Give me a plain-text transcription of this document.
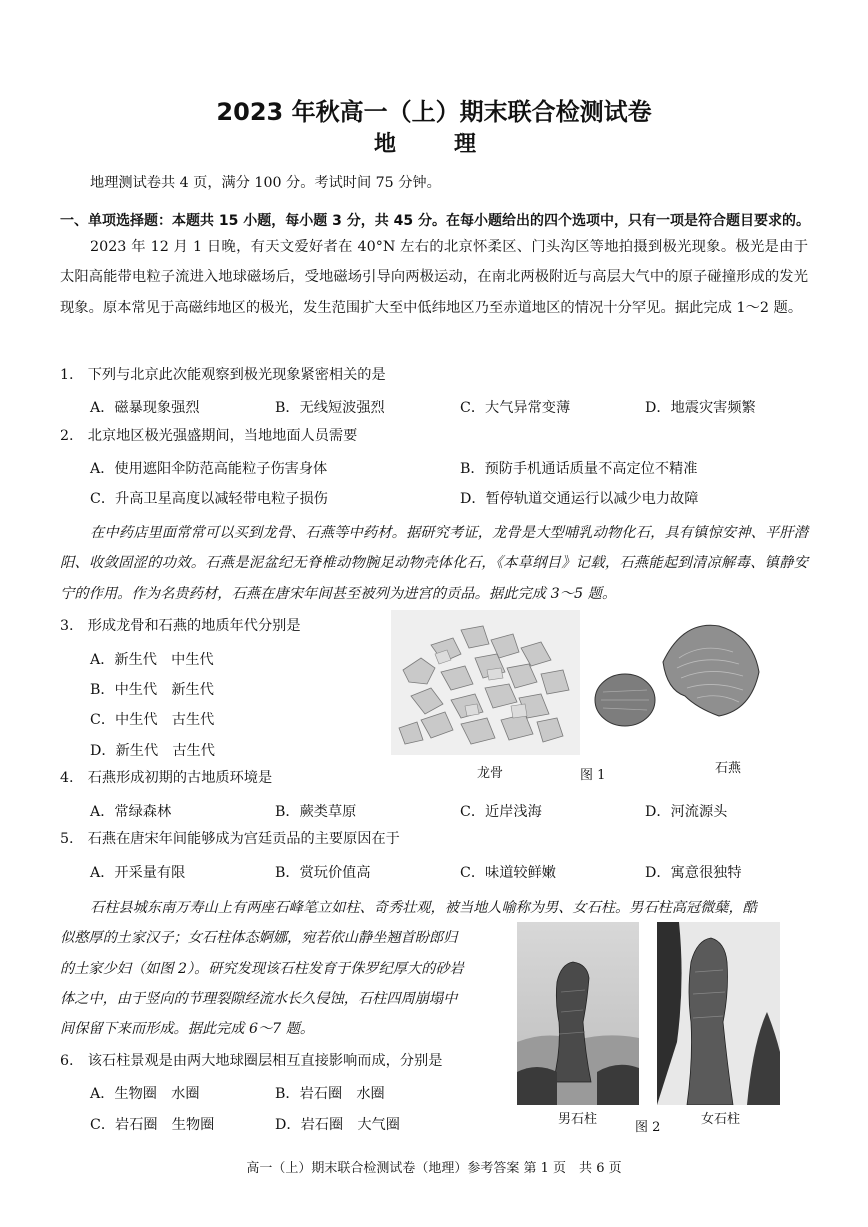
2023 年秋高一（上）期末联合检测试卷
地　理
地理测试卷共 4 页，满分 100 分。考试时间 75 分钟。
一、单项选择题：本题共 15 小题，每小题 3 分，共 45 分。在每小题给出的四个选项中，只有一项是符合题目要求的。
2023 年 12 月 1 日晚，有天文爱好者在 40°N 左右的北京怀柔区、门头沟区等地拍摄到极光现象。极光是由于太阳高能带电粒子流进入地球磁场后，受地磁场引导向两极运动，在南北两极附近与高层大气中的原子碰撞形成的发光现象。原本常见于高磁纬地区的极光，发生范围扩大至中低纬地区乃至赤道地区的情况十分罕见。据此完成 1～2 题。
1.　下列与北京此次能观察到极光现象紧密相关的是
A．磁暴现象强烈	B．无线短波强烈	C．大气异常变薄	D．地震灾害频繁
2.　北京地区极光强盛期间，当地地面人员需要
A．使用遮阳伞防范高能粒子伤害身体	B．预防手机通话质量不高定位不精准
C．升高卫星高度以减轻带电粒子损伤	D．暂停轨道交通运行以减少电力故障
在中药店里面常常可以买到龙骨、石燕等中药材。据研究考证，龙骨是大型哺乳动物化石，具有镇惊安神、平肝潜阳、收敛固涩的功效。石燕是泥盆纪无脊椎动物腕足动物壳体化石，《本草纲目》记载，石燕能起到清凉解毒、镇静安宁的作用。作为名贵药材，石燕在唐宋年间甚至被列为进宫的贡品。据此完成 3～5 题。
3.　形成龙骨和石燕的地质年代分别是
A．新生代　中生代
B．中生代　新生代
C．中生代　古生代
D．新生代　古生代
龙骨	图 1	石燕
4.　石燕形成初期的古地质环境是
A．常绿森林	B．蕨类草原	C．近岸浅海	D．河流源头
5.　石燕在唐宋年间能够成为宫廷贡品的主要原因在于
A．开采量有限	B．赏玩价值高	C．味道较鲜嫩	D．寓意很独特
石柱县城东南万寿山上有两座石峰笔立如柱、奇秀壮观，被当地人喻称为男、女石柱。男石柱高冠微蘖，酷
似憨厚的土家汉子；女石柱体态婀娜，宛若依山静坐翘首盼郎归
的土家少妇（如图 2）。研究发现该石柱发育于侏罗纪厚大的砂岩
体之中，由于竖向的节理裂隙经流水长久侵蚀，石柱四周崩塌中
间保留下来而形成。据此完成 6～7 题。
男石柱
图 2
女石柱
6.　该石柱景观是由两大地球圈层相互直接影响而成，分别是
A．生物圈　水圈	B．岩石圈　水圈
C．岩石圈　生物圈	D．岩石圈　大气圈
高一（上）期末联合检测试卷（地理）参考答案 第 1 页　共 6 页
